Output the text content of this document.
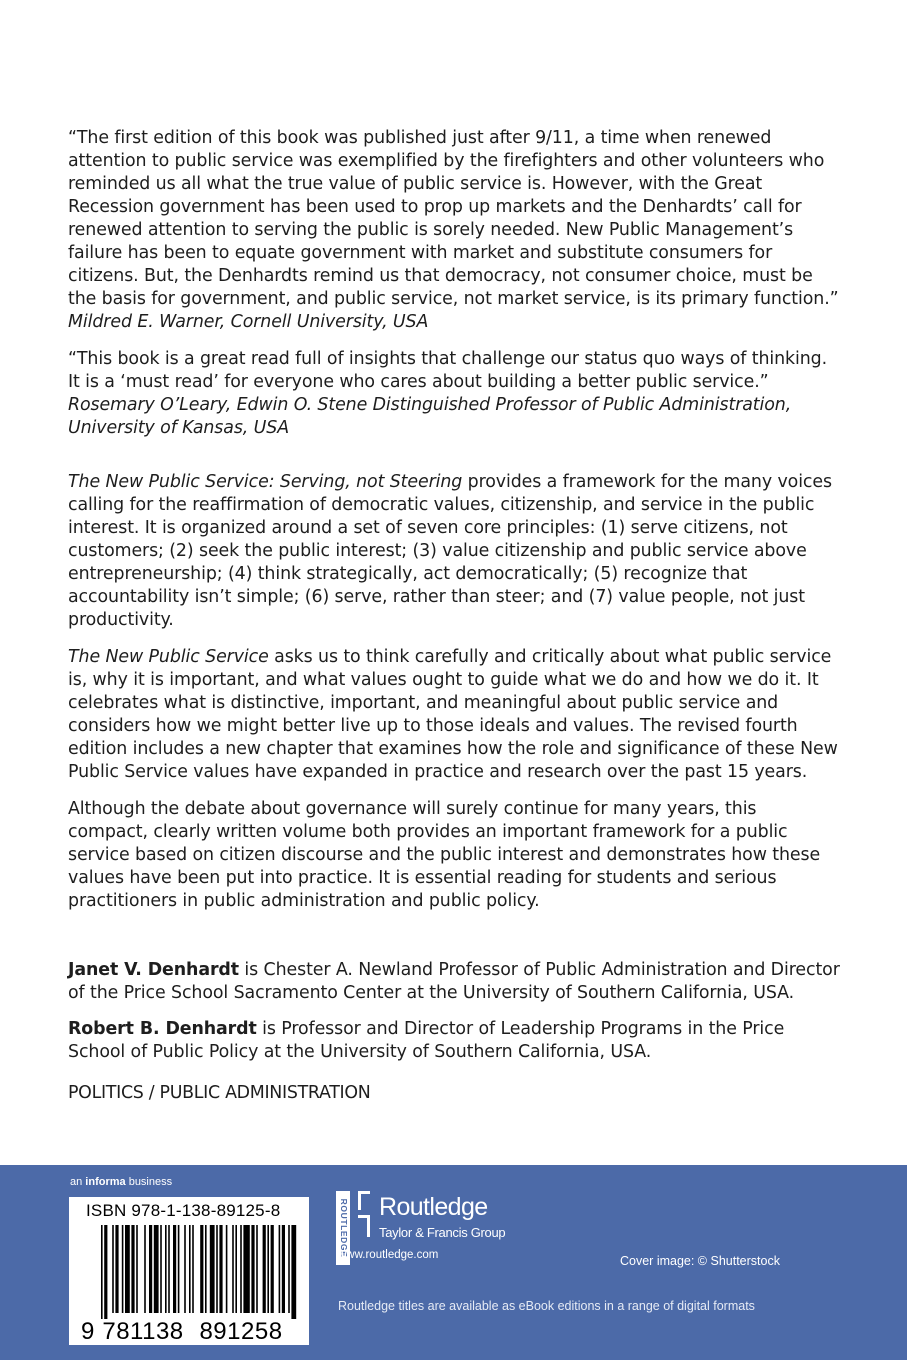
“The first edition of this book was published just after 9/11, a time when renewed attention to public service was exemplified by the firefighters and other volunteers who reminded us all what the true value of public service is. However, with the Great Recession government has been used to prop up markets and the Denhardts’ call for renewed attention to serving the public is sorely needed. New Public Management’s failure has been to equate government with market and substitute consumers for citizens. But, the Denhardts remind us that democracy, not consumer choice, must be the basis for government, and public service, not market service, is its primary function.”
Mildred E. Warner, Cornell University, USA

“This book is a great read full of insights that challenge our status quo ways of thinking. It is a ‘must read’ for everyone who cares about building a better public service.”
Rosemary O’Leary, Edwin O. Stene Distinguished Professor of Public Administration, University of Kansas, USA

The New Public Service: Serving, not Steering provides a framework for the many voices calling for the reaffirmation of democratic values, citizenship, and service in the public interest. It is organized around a set of seven core principles: (1) serve citizens, not customers; (2) seek the public interest; (3) value citizenship and public service above entrepreneurship; (4) think strategically, act democratically; (5) recognize that accountability isn’t simple; (6) serve, rather than steer; and (7) value people, not just productivity.

The New Public Service asks us to think carefully and critically about what public service is, why it is important, and what values ought to guide what we do and how we do it. It celebrates what is distinctive, important, and meaningful about public service and considers how we might better live up to those ideals and values. The revised fourth edition includes a new chapter that examines how the role and significance of these New Public Service values have expanded in practice and research over the past 15 years.

Although the debate about governance will surely continue for many years, this compact, clearly written volume both provides an important framework for a public service based on citizen discourse and the public interest and demonstrates how these values have been put into practice. It is essential reading for students and serious practitioners in public administration and public policy.

Janet V. Denhardt is Chester A. Newland Professor of Public Administration and Director of the Price School Sacramento Center at the University of Southern California, USA.

Robert B. Denhardt is Professor and Director of Leadership Programs in the Price School of Public Policy at the University of Southern California, USA.

POLITICS / PUBLIC ADMINISTRATION

an informa business
ISBN 978-1-138-89125-8
9 781138 891258
ROUTLEDGE Routledge
Taylor & Francis Group
www.routledge.com	Cover image: © Shutterstock
Routledge titles are available as eBook editions in a range of digital formats
